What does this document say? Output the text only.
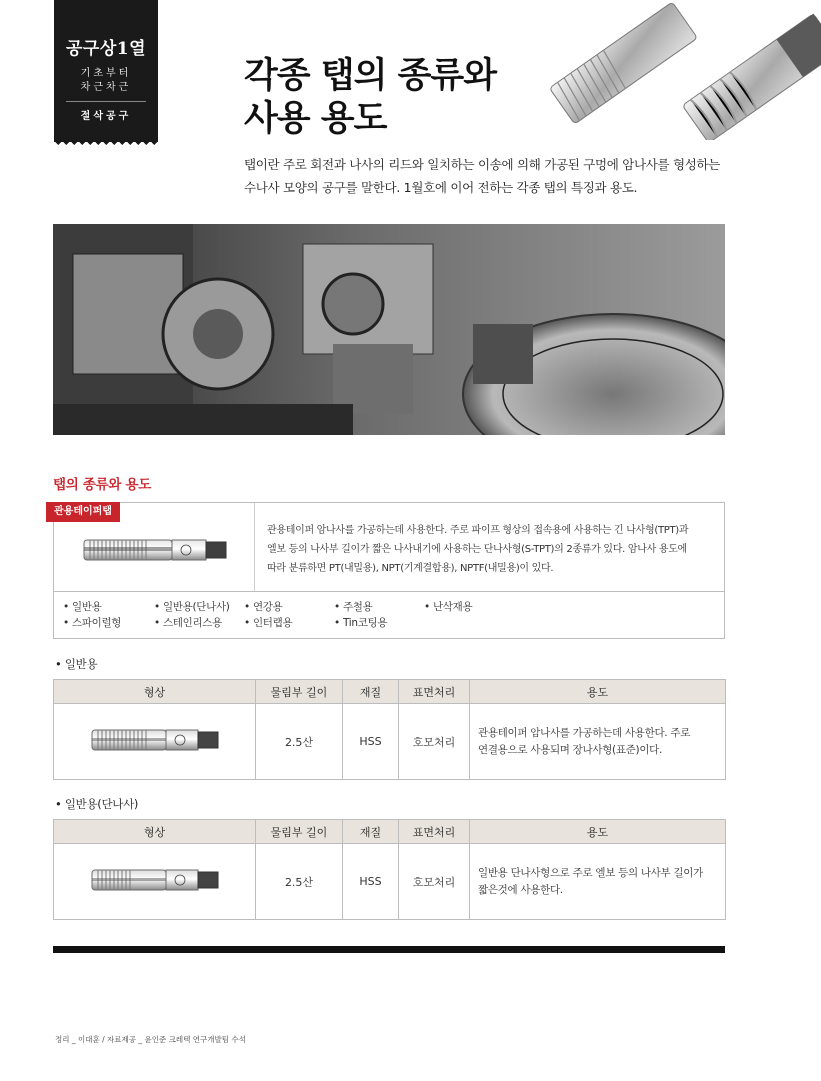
공구상1열
기초부터
차근차근
절삭공구
각종 탭의 종류와
사용 용도
탭이란 주로 회전과 나사의 리드와 일치하는 이송에 의해 가공된 구멍에 암나사를 형성하는
수나사 모양의 공구를 말한다. 1월호에 이어 전하는 각종 탭의 특징과 용도.
탭의 종류와 용도
관용테이퍼 암나사를 가공하는데 사용한다. 주로 파이프 형상의 접속용에 사용하는 긴 나사형(TPT)과
엘보 등의 나사부 길이가 짧은 나사내기에 사용하는 단나사형(S-TPT)의 2종류가 있다. 암나사 용도에
따라 분류하면 PT(내밀용), NPT(기계결합용), NPTF(내밀용)이 있다.
관용테이퍼탭
• 일반용	• 일반용(단나사) • 연강용	• 주철용	• 난삭재용
• 스파이럴형	• 스테인리스용 • 인터랩용	• Tin코팅용
• 일반용
형상	물림부 길이	재질	표면처리	용도
	2.5산	HSS	호모처리	관용테이퍼 암나사를 가공하는데 사용한다. 주로
연결용으로 사용되며 장나사형(표준)이다.
• 일반용(단나사)
형상	물림부 길이	재질	표면처리	용도
	2.5산	HSS	호모처리	일반용 단나사형으로 주로 엘보 등의 나사부 길이가
짧은것에 사용한다.
정리 _ 이대훈 / 자료제공 _ 윤인준 크레텍 연구개발팀 수석
